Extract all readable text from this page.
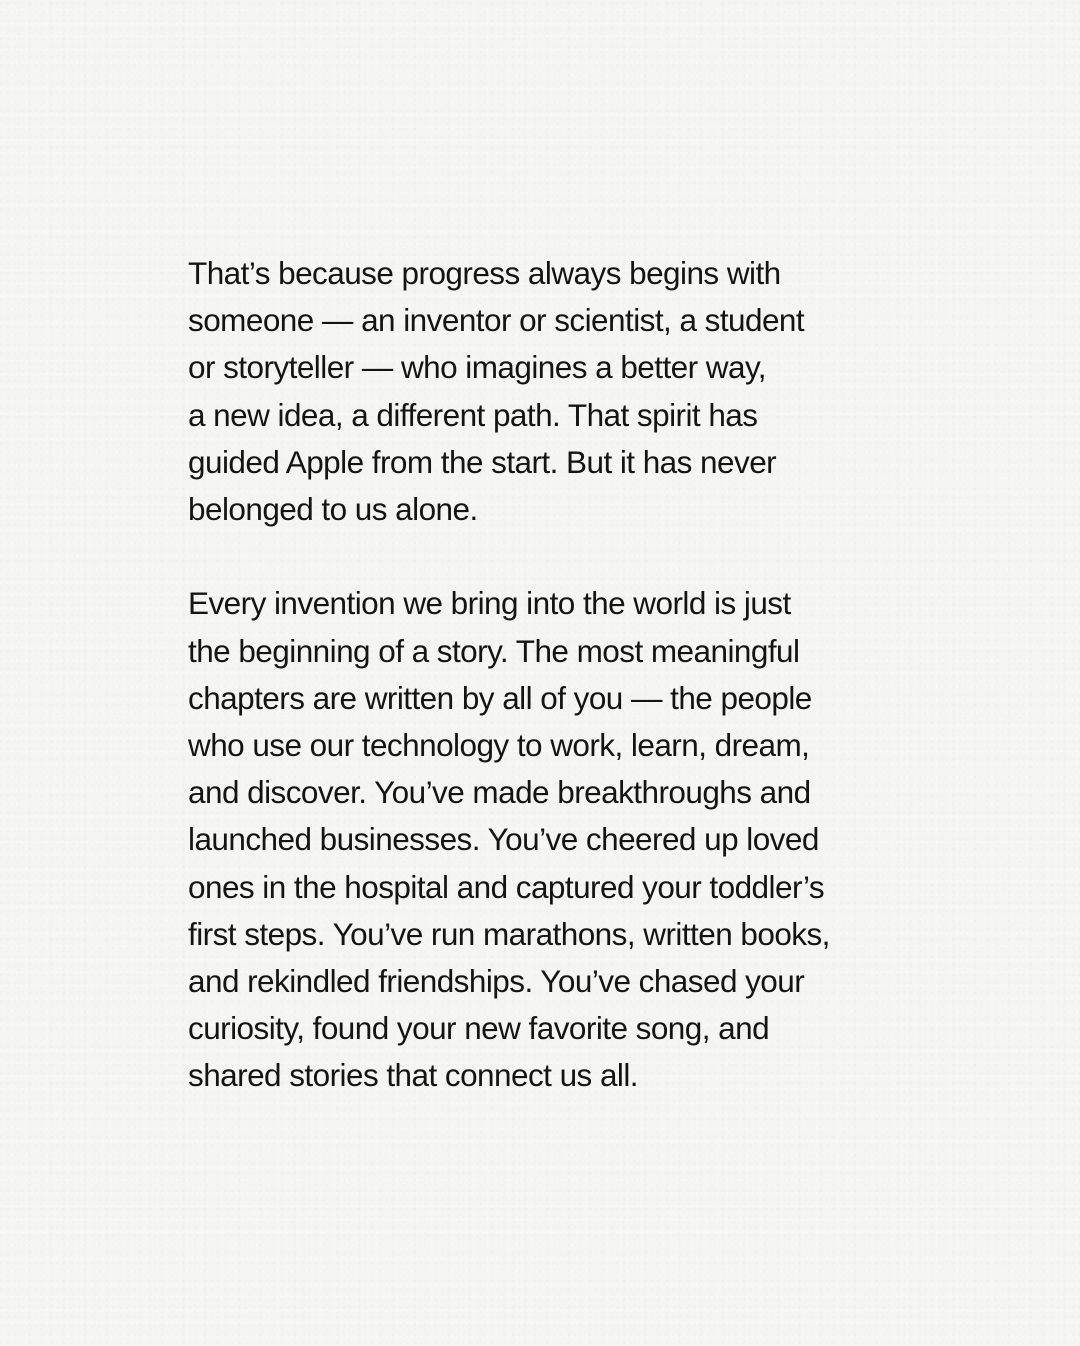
That’s because progress always begins with
someone — an inventor or scientist, a student
or storyteller — who imagines a better way,
a new idea, a different path. That spirit has
guided Apple from the start. But it has never
belonged to us alone.

Every invention we bring into the world is just
the beginning of a story. The most meaningful
chapters are written by all of you — the people
who use our technology to work, learn, dream,
and discover. You’ve made breakthroughs and
launched businesses. You’ve cheered up loved
ones in the hospital and captured your toddler’s
first steps. You’ve run marathons, written books,
and rekindled friendships. You’ve chased your
curiosity, found your new favorite song, and
shared stories that connect us all.
